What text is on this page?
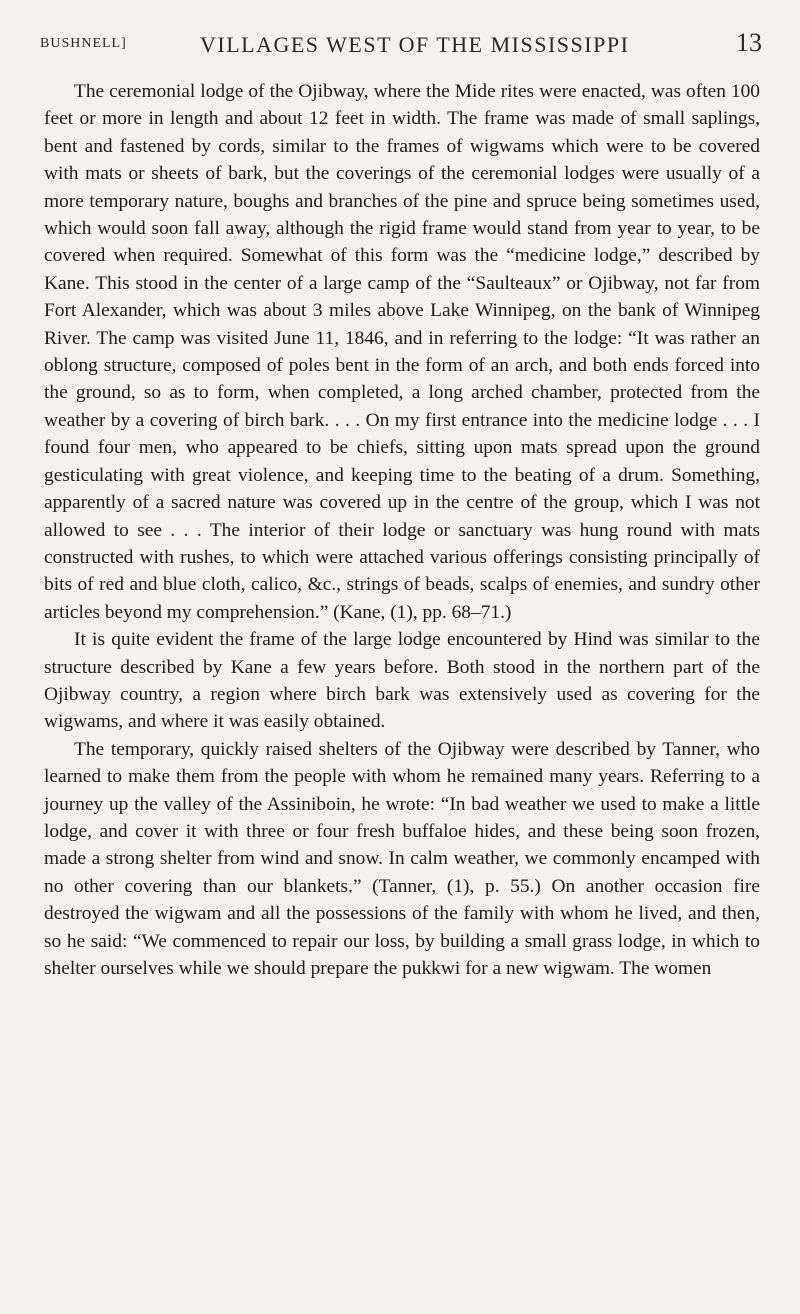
BUSHNELL]	VILLAGES WEST OF THE MISSISSIPPI	13

The ceremonial lodge of the Ojibway, where the Mide rites were enacted, was often 100 feet or more in length and about 12 feet in width. The frame was made of small saplings, bent and fastened by cords, similar to the frames of wigwams which were to be covered with mats or sheets of bark, but the coverings of the ceremonial lodges were usually of a more temporary nature, boughs and branches of the pine and spruce being sometimes used, which would soon fall away, although the rigid frame would stand from year to year, to be covered when required. Somewhat of this form was the “medicine lodge,” described by Kane. This stood in the center of a large camp of the “Saulteaux” or Ojibway, not far from Fort Alexander, which was about 3 miles above Lake Winnipeg, on the bank of Winnipeg River. The camp was visited June 11, 1846, and in referring to the lodge: “It was rather an oblong structure, composed of poles bent in the form of an arch, and both ends forced into the ground, so as to form, when completed, a long arched chamber, protected from the weather by a covering of birch bark. . . . On my first entrance into the medicine lodge . . . I found four men, who appeared to be chiefs, sitting upon mats spread upon the ground gesticulating with great violence, and keeping time to the beating of a drum. Something, apparently of a sacred nature was covered up in the centre of the group, which I was not allowed to see . . . The interior of their lodge or sanctuary was hung round with mats constructed with rushes, to which were attached various offerings consisting principally of bits of red and blue cloth, calico, &c., strings of beads, scalps of enemies, and sundry other articles beyond my comprehension.” (Kane, (1), pp. 68–71.)

It is quite evident the frame of the large lodge encountered by Hind was similar to the structure described by Kane a few years before. Both stood in the northern part of the Ojibway country, a region where birch bark was extensively used as covering for the wigwams, and where it was easily obtained.

The temporary, quickly raised shelters of the Ojibway were described by Tanner, who learned to make them from the people with whom he remained many years. Referring to a journey up the valley of the Assiniboin, he wrote: “In bad weather we used to make a little lodge, and cover it with three or four fresh buffaloe hides, and these being soon frozen, made a strong shelter from wind and snow. In calm weather, we commonly encamped with no other covering than our blankets.” (Tanner, (1), p. 55.) On another occasion fire destroyed the wigwam and all the possessions of the family with whom he lived, and then, so he said: “We commenced to repair our loss, by building a small grass lodge, in which to shelter ourselves while we should prepare the pukkwi for a new wigwam. The women
